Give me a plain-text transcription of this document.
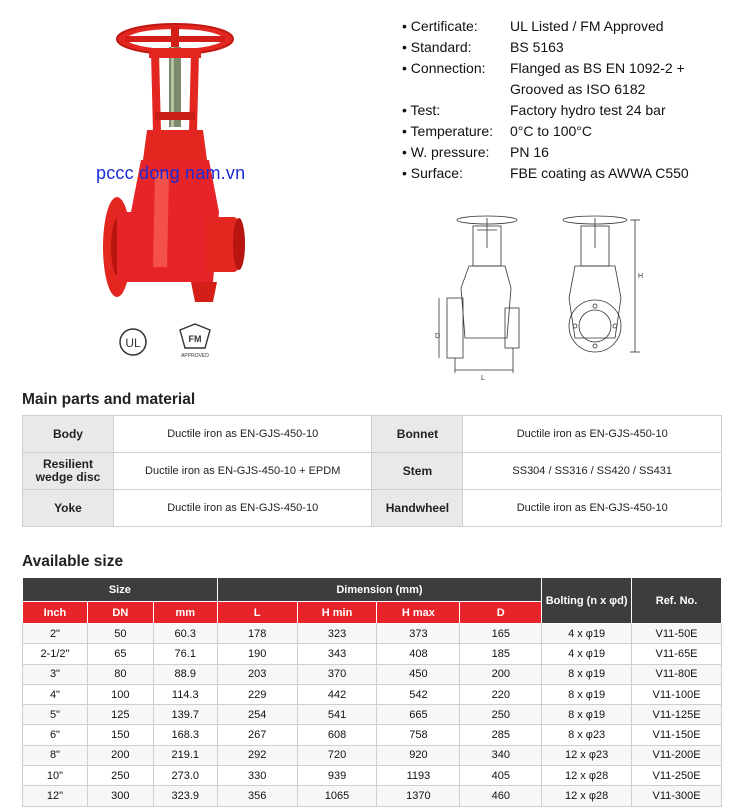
UL	FM
APPROVED
pccc dong nam.vn
• Certificate:	UL Listed / FM Approved
• Standard:	BS 5163
• Connection:	Flanged as BS EN 1092-2 + Grooved as ISO 6182
• Test:	Factory hydro test 24 bar
• Temperature:	0°C to 100°C
• W. pressure:	PN 16
• Surface:	FBE coating as AWWA C550
D
L
H
Main parts and material
Body	Ductile iron as EN-GJS-450-10	Bonnet	Ductile iron as EN-GJS-450-10
Resilient wedge disc	Ductile iron as EN-GJS-450-10 + EPDM	Stem	SS304 / SS316 / SS420 / SS431
Yoke	Ductile iron as EN-GJS-450-10	Handwheel	Ductile iron as EN-GJS-450-10
Available size
Size			Dimension (mm)				Bolting (n x φd)	Ref. No.
Inch	DN	mm	L	H min	H max	D		
2"	50	60.3	178	323	373	165	4 x φ19	V11-50E
2-1/2"	65	76.1	190	343	408	185	4 x φ19	V11-65E
3"	80	88.9	203	370	450	200	8 x φ19	V11-80E
4"	100	114.3	229	442	542	220	8 x φ19	V11-100E
5"	125	139.7	254	541	665	250	8 x φ19	V11-125E
6"	150	168.3	267	608	758	285	8 x φ23	V11-150E
8"	200	219.1	292	720	920	340	12 x φ23	V11-200E
10"	250	273.0	330	939	1193	405	12 x φ28	V11-250E
12"	300	323.9	356	1065	1370	460	12 x φ28	V11-300E
